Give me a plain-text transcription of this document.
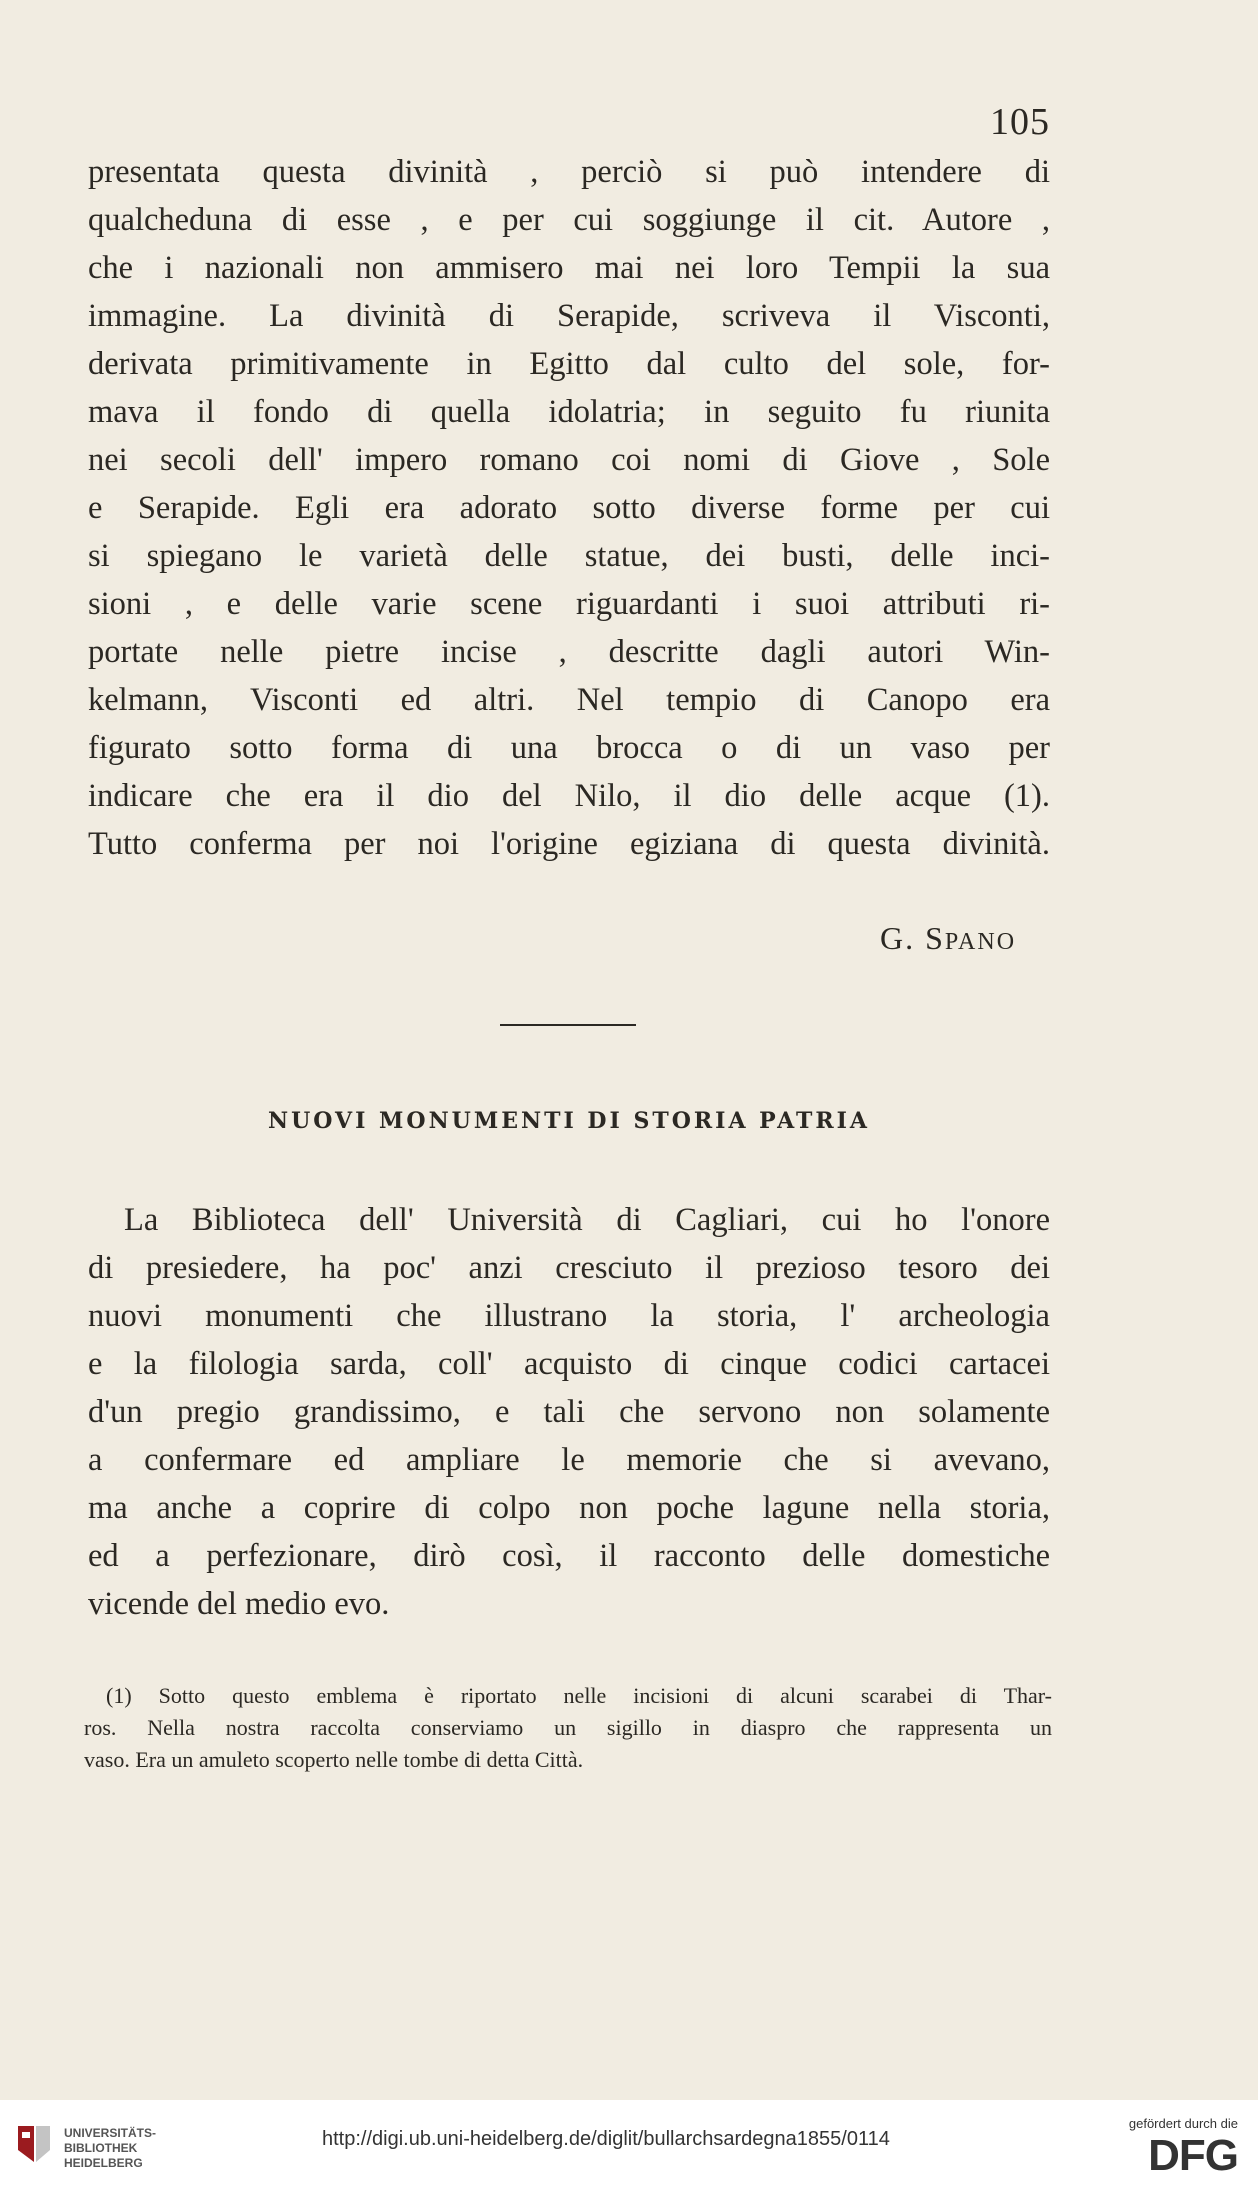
105
presentata questa divinità , perciò si può intendere di
qualcheduna di esse , e per cui soggiunge il cit. Autore ,
che i nazionali non ammisero mai nei loro Tempii la sua
immagine. La divinità di Serapide, scriveva il Visconti,
derivata primitivamente in Egitto dal culto del sole, for-
mava il fondo di quella idolatria; in seguito fu riunita
nei secoli dell' impero romano coi nomi di Giove , Sole
e Serapide. Egli era adorato sotto diverse forme per cui
si spiegano le varietà delle statue, dei busti, delle inci-
sioni , e delle varie scene riguardanti i suoi attributi ri-
portate nelle pietre incise , descritte dagli autori Win-
kelmann, Visconti ed altri. Nel tempio di Canopo era
figurato sotto forma di una brocca o di un vaso per
indicare che era il dio del Nilo, il dio delle acque (1).
Tutto conferma per noi l'origine egiziana di questa divinità.
G. SPANO
NUOVI MONUMENTI DI STORIA PATRIA
La Biblioteca dell' Università di Cagliari, cui ho l'onore
di presiedere, ha poc' anzi cresciuto il prezioso tesoro dei
nuovi monumenti che illustrano la storia, l' archeologia
e la filologia sarda, coll' acquisto di cinque codici cartacei
d'un pregio grandissimo, e tali che servono non solamente
a confermare ed ampliare le memorie che si avevano,
ma anche a coprire di colpo non poche lagune nella storia,
ed a perfezionare, dirò così, il racconto delle domestiche
vicende del medio evo.
(1) Sotto questo emblema è riportato nelle incisioni di alcuni scarabei di Thar-
ros. Nella nostra raccolta conserviamo un sigillo in diaspro che rappresenta un
vaso. Era un amuleto scoperto nelle tombe di detta Città.
UNIVERSITÄTS-
BIBLIOTHEK
HEIDELBERG
http://digi.ub.uni-heidelberg.de/diglit/bullarchsardegna1855/0114
gefördert durch die
DFG
